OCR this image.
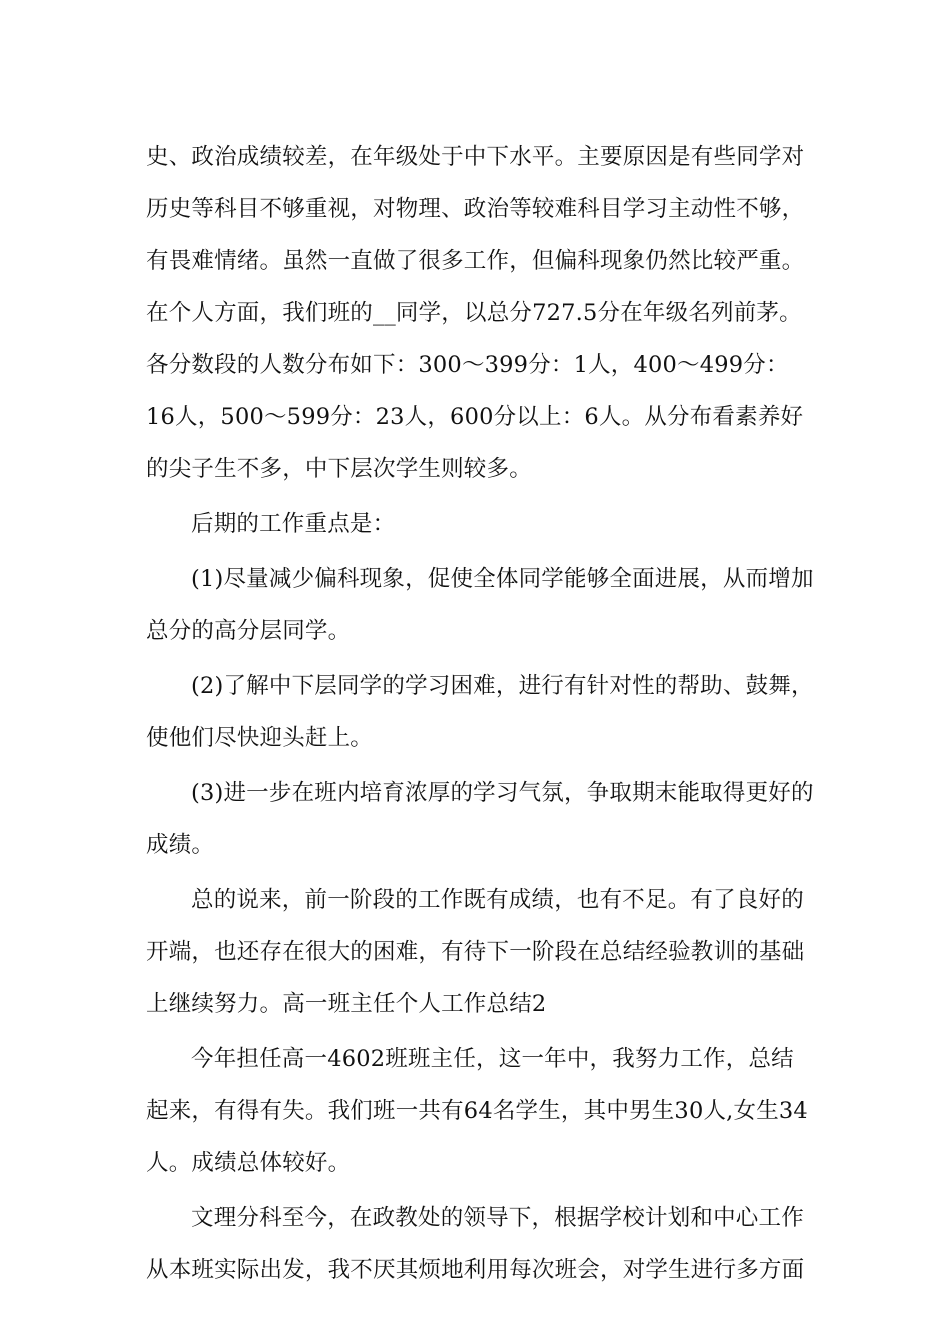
史、政治成绩较差，在年级处于中下水平。主要原因是有些同学对历史等科目不够重视，对物理、政治等较难科目学习主动性不够，有畏难情绪。虽然一直做了很多工作，但偏科现象仍然比较严重。在个人方面，我们班的__同学，以总分727.5分在年级名列前茅。各分数段的人数分布如下：300～399分：1人，400～499分：16人，500～599分：23人，600分以上：6人。从分布看素养好的尖子生不多，中下层次学生则较多。

后期的工作重点是：

(1)尽量减少偏科现象，促使全体同学能够全面进展，从而增加总分的高分层同学。

(2)了解中下层同学的学习困难，进行有针对性的帮助、鼓舞，使他们尽快迎头赶上。

(3)进一步在班内培育浓厚的学习气氛，争取期末能取得更好的成绩。

总的说来，前一阶段的工作既有成绩，也有不足。有了良好的开端，也还存在很大的困难，有待下一阶段在总结经验教训的基础上继续努力。高一班主任个人工作总结2

今年担任高一4602班班主任，这一年中，我努力工作，总结起来，有得有失。我们班一共有64名学生，其中男生30人,女生34人。成绩总体较好。

文理分科至今，在政教处的领导下，根据学校计划和中心工作从本班实际出发，我不厌其烦地利用每次班会，对学生进行多方面
